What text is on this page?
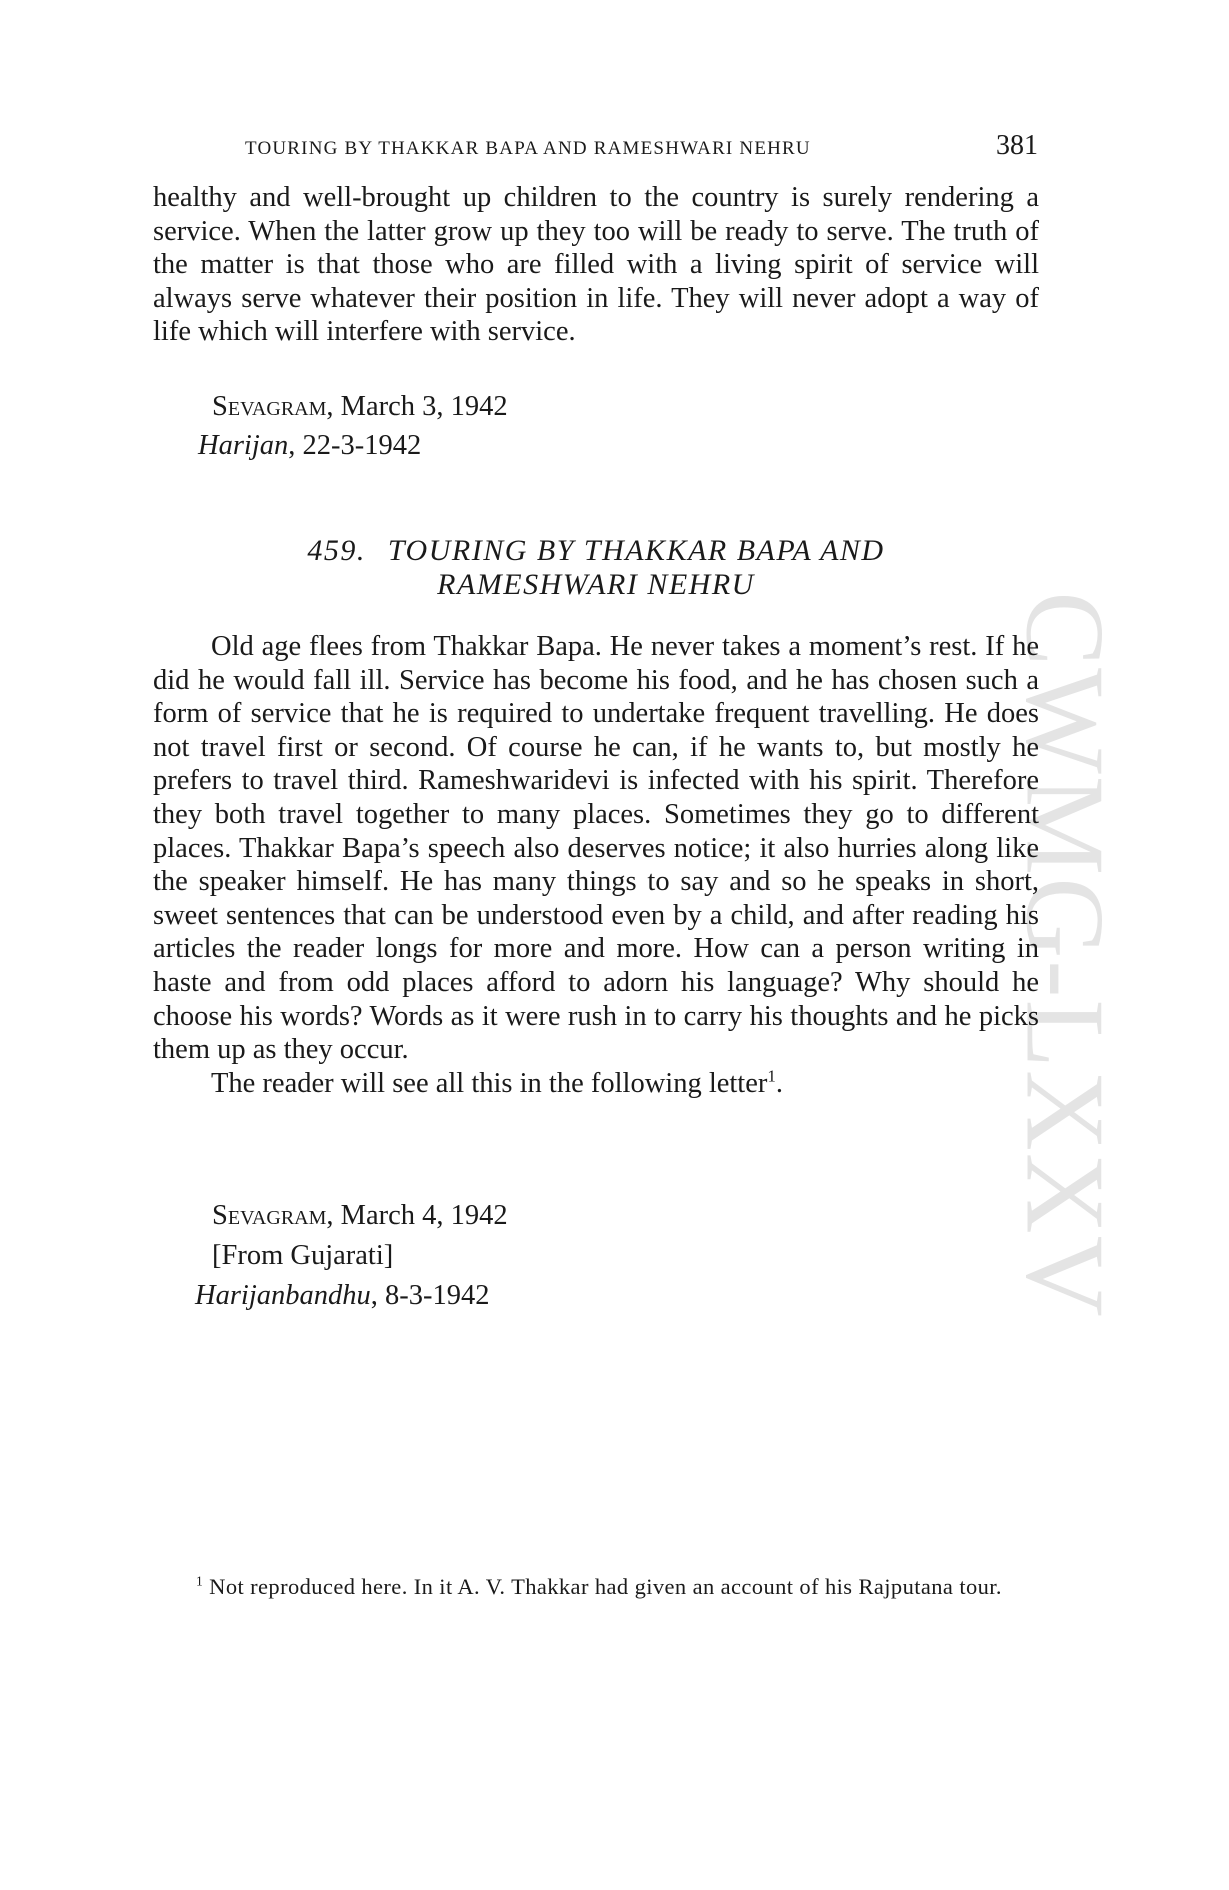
CWMG-LXXV
TOURING BY THAKKAR BAPA AND RAMESHWARI NEHRU	381

healthy and well-brought up children to the country is surely rendering a service. When the latter grow up they too will be ready to serve. The truth of the matter is that those who are filled with a living spirit of service will always serve whatever their position in life. They will never adopt a way of life which will interfere with service.

Sevagram, March 3, 1942
Harijan, 22-3-1942
459. TOURING BY THAKKAR BAPA AND
RAMESHWARI NEHRU

Old age flees from Thakkar Bapa. He never takes a moment’s rest. If he did he would fall ill. Service has become his food, and he has chosen such a form of service that he is required to undertake frequent travelling. He does not travel first or second. Of course he can, if he wants to, but mostly he prefers to travel third. Rameshwaridevi is infected with his spirit. Therefore they both travel together to many places. Sometimes they go to different places. Thakkar Bapa’s speech also deserves notice; it also hurries along like the speaker himself. He has many things to say and so he speaks in short, sweet sentences that can be understood even by a child, and after reading his articles the reader longs for more and more. How can a person writing in haste and from odd places afford to adorn his language? Why should he choose his words? Words as it were rush in to carry his thoughts and he picks them up as they occur.

The reader will see all this in the following letter$^1$.

Sevagram, March 4, 1942
[From Gujarati]
Harijanbandhu, 8-3-1942

$^1$ Not reproduced here. In it A. V. Thakkar had given an account of his Rajputana tour.
